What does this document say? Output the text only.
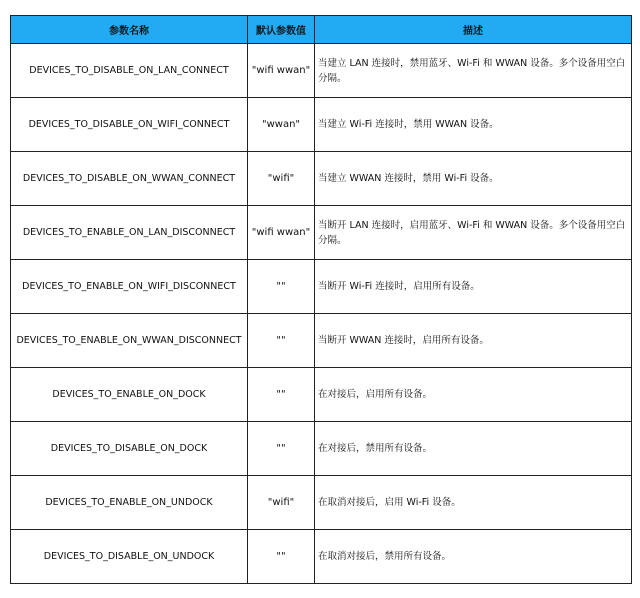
参数名称	默认参数值	描述
DEVICES_TO_DISABLE_ON_LAN_CONNECT	"wifi wwan"	当建立 LAN 连接时，禁用蓝牙、Wi-Fi 和 WWAN 设备。多个设备用空白分隔。
DEVICES_TO_DISABLE_ON_WIFI_CONNECT	"wwan"	当建立 Wi-Fi 连接时，禁用 WWAN 设备。
DEVICES_TO_DISABLE_ON_WWAN_CONNECT	"wifi"	当建立 WWAN 连接时，禁用 Wi-Fi 设备。
DEVICES_TO_ENABLE_ON_LAN_DISCONNECT	"wifi wwan"	当断开 LAN 连接时，启用蓝牙、Wi-Fi 和 WWAN 设备。多个设备用空白分隔。
DEVICES_TO_ENABLE_ON_WIFI_DISCONNECT	""	当断开 Wi-Fi 连接时，启用所有设备。
DEVICES_TO_ENABLE_ON_WWAN_DISCONNECT	""	当断开 WWAN 连接时，启用所有设备。
DEVICES_TO_ENABLE_ON_DOCK	""	在对接后，启用所有设备。
DEVICES_TO_DISABLE_ON_DOCK	""	在对接后，禁用所有设备。
DEVICES_TO_ENABLE_ON_UNDOCK	"wifi"	在取消对接后，启用 Wi-Fi 设备。
DEVICES_TO_DISABLE_ON_UNDOCK	""	在取消对接后，禁用所有设备。
